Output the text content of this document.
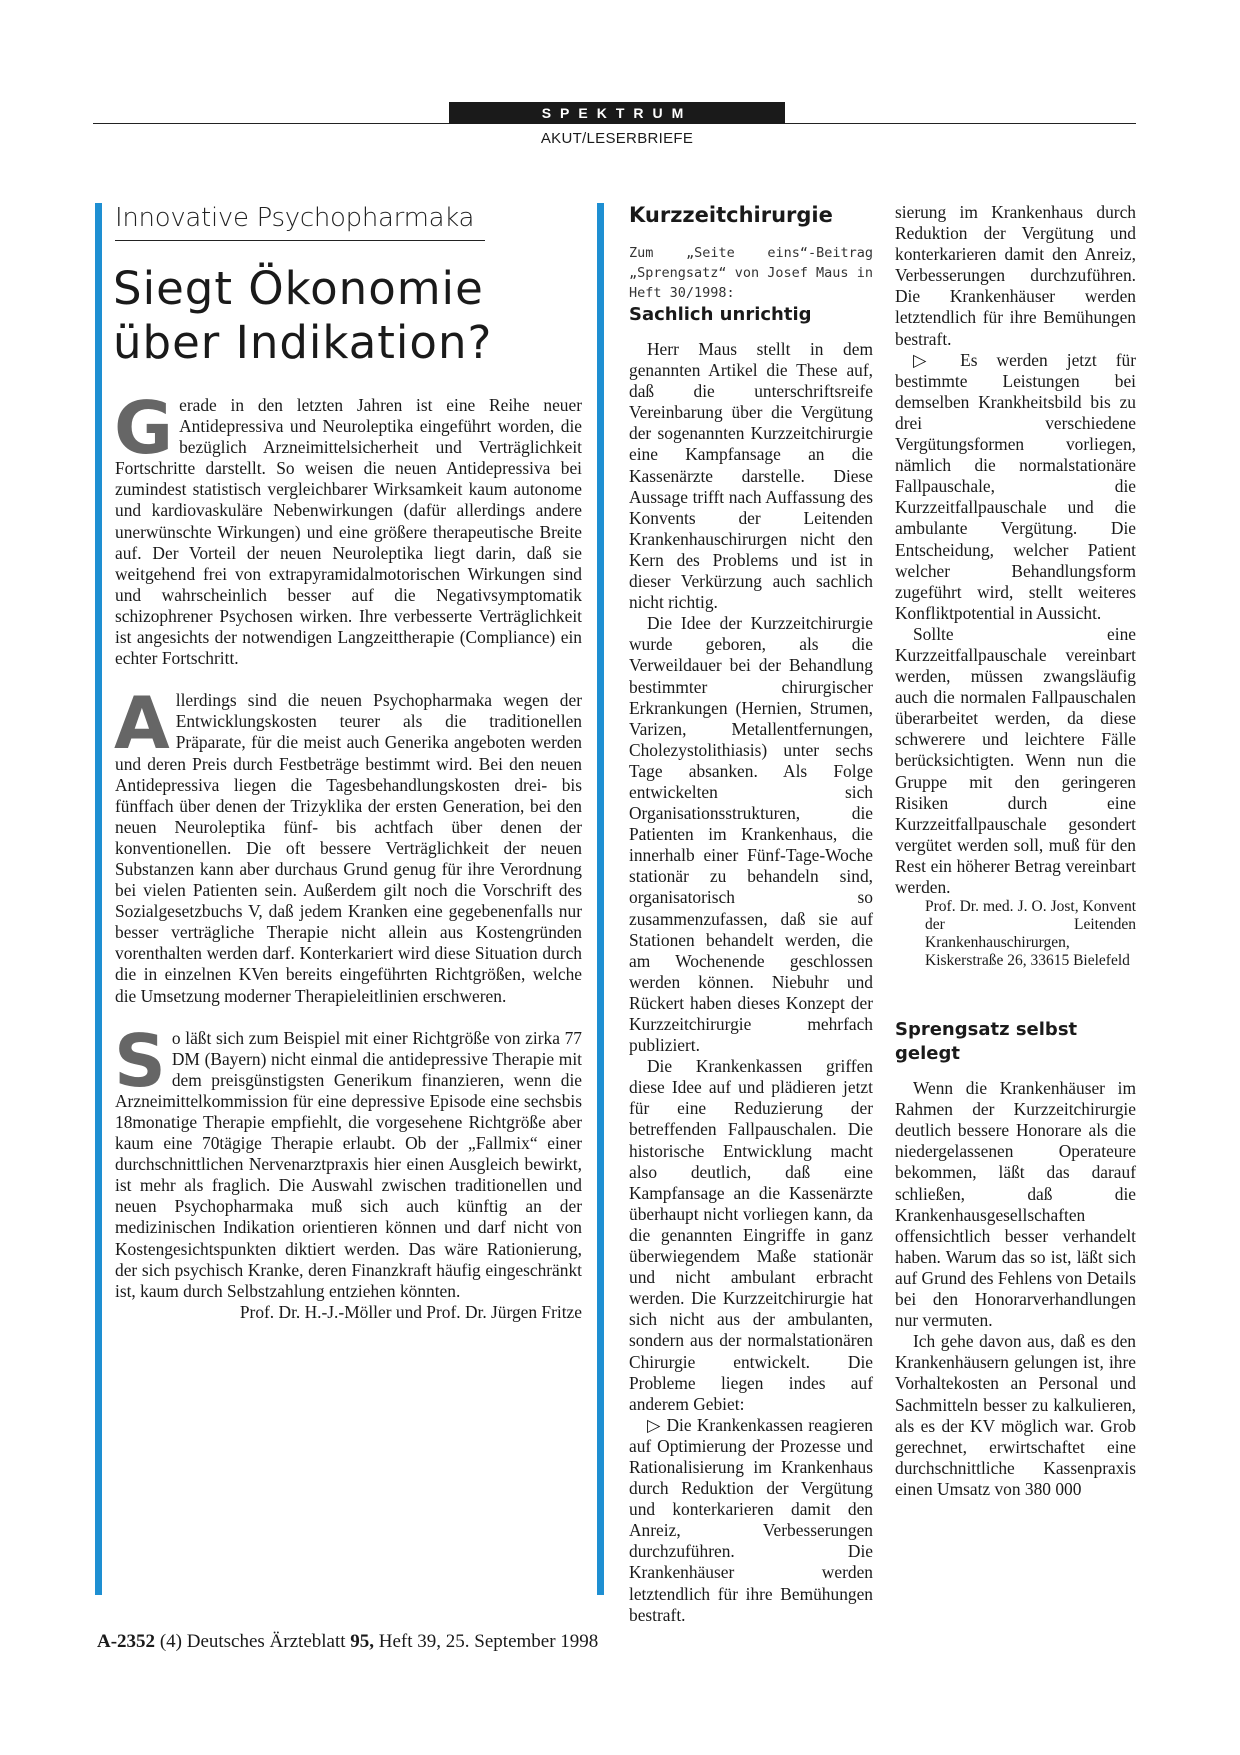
SPEKTRUM
AKUT/LESERBRIEFE
Innovative Psychopharmaka
Siegt Ökonomie
über Indikation?

Gerade in den letzten Jahren ist eine Reihe neuer Antidepressiva und Neuroleptika eingeführt worden, die bezüglich Arzneimittelsicherheit und Verträglichkeit Fortschritte darstellt. So weisen die neuen Antidepressiva bei zumindest statistisch vergleichbarer Wirksamkeit kaum autonome und kardiovaskuläre Nebenwirkungen (dafür allerdings andere unerwünschte Wirkungen) und eine größere therapeutische Breite auf. Der Vorteil der neuen Neuroleptika liegt darin, daß sie weitgehend frei von extrapyramidalmotorischen Wirkungen sind und wahrscheinlich besser auf die Negativsymptomatik schizophrener Psychosen wirken. Ihre verbesserte Verträglichkeit ist angesichts der notwendigen Langzeittherapie (Compliance) ein echter Fortschritt.

Allerdings sind die neuen Psychopharmaka wegen der Entwicklungskosten teurer als die traditionellen Präparate, für die meist auch Generika angeboten werden und deren Preis durch Festbeträge bestimmt wird. Bei den neuen Antidepressiva liegen die Tagesbehandlungskosten drei- bis fünffach über denen der Trizyklika der ersten Generation, bei den neuen Neuroleptika fünf- bis achtfach über denen der konventionellen. Die oft bessere Verträglichkeit der neuen Substanzen kann aber durchaus Grund genug für ihre Verordnung bei vielen Patienten sein. Außerdem gilt noch die Vorschrift des Sozialgesetzbuchs V, daß jedem Kranken eine gegebenenfalls nur besser verträgliche Therapie nicht allein aus Kostengründen vorenthalten werden darf. Konterkariert wird diese Situation durch die in einzelnen KVen bereits eingeführten Richtgrößen, welche die Umsetzung moderner Therapieleitlinien erschweren.

So läßt sich zum Beispiel mit einer Richtgröße von zirka 77 DM (Bayern) nicht einmal die antidepressive Therapie mit dem preisgünstigsten Generikum finanzieren, wenn die Arzneimittelkommission für eine depressive Episode eine sechsbis 18monatige Therapie empfiehlt, die vorgesehene Richtgröße aber kaum eine 70tägige Therapie erlaubt. Ob der „Fallmix“ einer durchschnittlichen Nervenarztpraxis hier einen Ausgleich bewirkt, ist mehr als fraglich. Die Auswahl zwischen traditionellen und neuen Psychopharmaka muß sich auch künftig an der medizinischen Indikation orientieren können und darf nicht von Kostengesichtspunkten diktiert werden. Das wäre Rationierung, der sich psychisch Kranke, deren Finanzkraft häufig eingeschränkt ist, kaum durch Selbstzahlung entziehen könnten.

Prof. Dr. H.-J.-Möller und Prof. Dr. Jürgen Fritze

Kurzzeitchirurgie

Zum „Seite eins“-Beitrag „Sprengsatz“ von Josef Maus in Heft 30/1998:

Sachlich unrichtig

Herr Maus stellt in dem genannten Artikel die These auf, daß die unterschriftsreife Vereinbarung über die Vergütung der sogenannten Kurzzeitchirurgie eine Kampfansage an die Kassenärzte darstelle. Diese Aussage trifft nach Auffassung des Konvents der Leitenden Krankenhauschirurgen nicht den Kern des Problems und ist in dieser Verkürzung auch sachlich nicht richtig.

Die Idee der Kurzzeitchirurgie wurde geboren, als die Verweildauer bei der Behandlung bestimmter chirurgischer Erkrankungen (Hernien, Strumen, Varizen, Metallentfernungen, Cholezystolithiasis) unter sechs Tage absanken. Als Folge entwickelten sich Organisationsstrukturen, die Patienten im Krankenhaus, die innerhalb einer Fünf-Tage-Woche stationär zu behandeln sind, organisatorisch so zusammenzufassen, daß sie auf Stationen behandelt werden, die am Wochenende geschlossen werden können. Niebuhr und Rückert haben dieses Konzept der Kurzzeitchirurgie mehrfach publiziert.

Die Krankenkassen griffen diese Idee auf und plädieren jetzt für eine Reduzierung der betreffenden Fallpauschalen. Die historische Entwicklung macht also deutlich, daß eine Kampfansage an die Kassenärzte überhaupt nicht vorliegen kann, da die genannten Eingriffe in ganz überwiegendem Maße stationär und nicht ambulant erbracht werden. Die Kurzzeitchirurgie hat sich nicht aus der ambulanten, sondern aus der normalstationären Chirurgie entwickelt. Die Probleme liegen indes auf anderem Gebiet:

▷ Die Krankenkassen reagieren auf Optimierung der Prozesse und Rationalisierung im Krankenhaus durch Reduktion der Vergütung und konterkarieren damit den Anreiz, Verbesserungen durchzuführen. Die Krankenhäuser werden letztendlich für ihre Bemühungen bestraft.

sierung im Krankenhaus durch Reduktion der Vergütung und konterkarieren damit den Anreiz, Verbesserungen durchzuführen. Die Krankenhäuser werden letztendlich für ihre Bemühungen bestraft.

▷ Es werden jetzt für bestimmte Leistungen bei demselben Krankheitsbild bis zu drei verschiedene Vergütungsformen vorliegen, nämlich die normalstationäre Fallpauschale, die Kurzzeitfallpauschale und die ambulante Vergütung. Die Entscheidung, welcher Patient welcher Behandlungsform zugeführt wird, stellt weiteres Konfliktpotential in Aussicht.

Sollte eine Kurzzeitfallpauschale vereinbart werden, müssen zwangsläufig auch die normalen Fallpauschalen überarbeitet werden, da diese schwerere und leichtere Fälle berücksichtigten. Wenn nun die Gruppe mit den geringeren Risiken durch eine Kurzzeitfallpauschale gesondert vergütet werden soll, muß für den Rest ein höherer Betrag vereinbart werden.

Prof. Dr. med. J. O. Jost, Konvent der Leitenden Krankenhauschirurgen, Kiskerstraße 26, 33615 Bielefeld

Sprengsatz selbst gelegt

Wenn die Krankenhäuser im Rahmen der Kurzzeitchirurgie deutlich bessere Honorare als die niedergelassenen Operateure bekommen, läßt das darauf schließen, daß die Krankenhausgesellschaften offensichtlich besser verhandelt haben. Warum das so ist, läßt sich auf Grund des Fehlens von Details bei den Honorarverhandlungen nur vermuten.

Ich gehe davon aus, daß es den Krankenhäusern gelungen ist, ihre Vorhaltekosten an Personal und Sachmitteln besser zu kalkulieren, als es der KV möglich war. Grob gerechnet, erwirtschaftet eine durchschnittliche Kassenpraxis einen Umsatz von 380 000

A-2352 (4) Deutsches Ärzteblatt 95, Heft 39, 25. September 1998
